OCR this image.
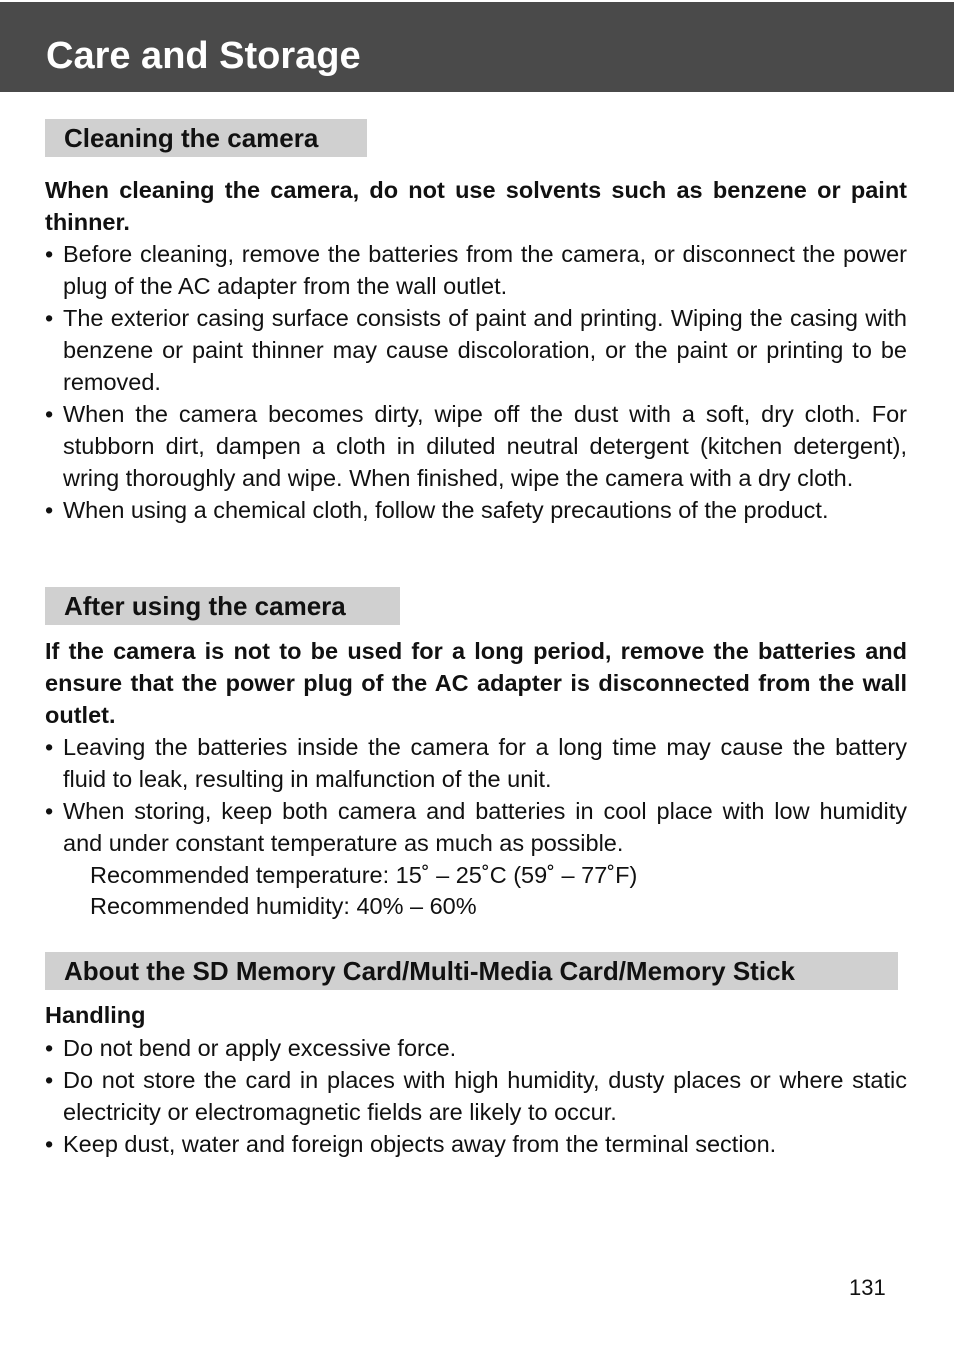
Care and Storage
Cleaning the camera
When cleaning the camera, do not use solvents such as benzene or paint thinner.
• Before cleaning, remove the batteries from the camera, or disconnect the power plug of the AC adapter from the wall outlet.
• The exterior casing surface consists of paint and printing. Wiping the casing with benzene or paint thinner may cause discoloration, or the paint or printing to be removed.
• When the camera becomes dirty, wipe off the dust with a soft, dry cloth. For stubborn dirt, dampen a cloth in diluted neutral detergent (kitchen detergent), wring thoroughly and wipe. When finished, wipe the camera with a dry cloth.
• When using a chemical cloth, follow the safety precautions of the product.
After using the camera
If the camera is not to be used for a long period, remove the batteries and ensure that the power plug of the AC adapter is disconnected from the wall outlet.
• Leaving the batteries inside the camera for a long time may cause the battery fluid to leak, resulting in malfunction of the unit.
• When storing, keep both camera and batteries in cool place with low humidity and under constant temperature as much as possible.
Recommended temperature: 15˚ – 25˚C (59˚ – 77˚F)
Recommended humidity: 40% – 60%
About the SD Memory Card/Multi-Media Card/Memory Stick
Handling
• Do not bend or apply excessive force.
• Do not store the card in places with high humidity, dusty places or where static electricity or electromagnetic fields are likely to occur.
• Keep dust, water and foreign objects away from the terminal section.
131
